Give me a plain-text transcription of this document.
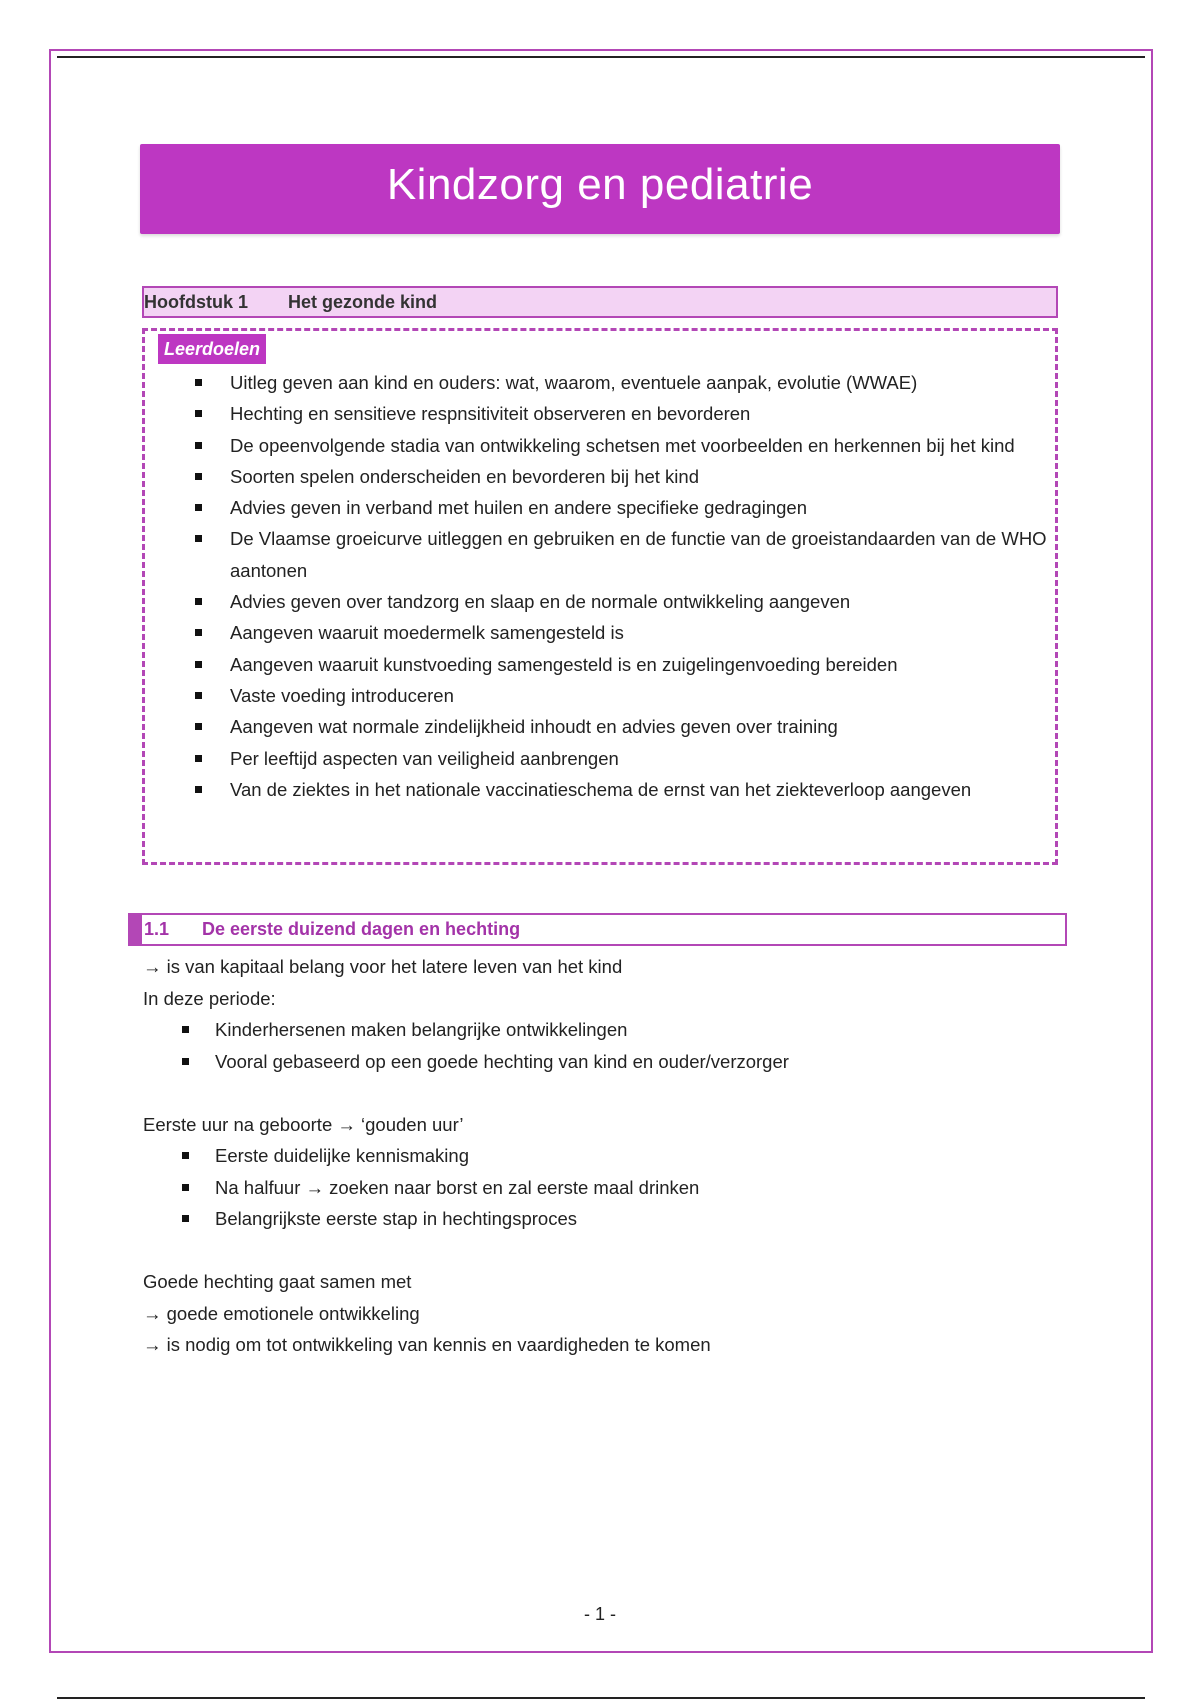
Kindzorg en pediatrie
Hoofdstuk 1	Het gezonde kind
Leerdoelen
Uitleg geven aan kind en ouders: wat, waarom, eventuele aanpak, evolutie (WWAE)
Hechting en sensitieve respnsitiviteit observeren en bevorderen
De opeenvolgende stadia van ontwikkeling schetsen met voorbeelden en herkennen bij het kind
Soorten spelen onderscheiden en bevorderen bij het kind
Advies geven in verband met huilen en andere specifieke gedragingen
De Vlaamse groeicurve uitleggen en gebruiken en de functie van de groeistandaarden van de WHO aantonen
Advies geven over tandzorg en slaap en de normale ontwikkeling aangeven
Aangeven waaruit moedermelk samengesteld is
Aangeven waaruit kunstvoeding samengesteld is en zuigelingenvoeding bereiden
Vaste voeding introduceren
Aangeven wat normale zindelijkheid inhoudt en advies geven over training
Per leeftijd aspecten van veiligheid aanbrengen
Van de ziektes in het nationale vaccinatieschema de ernst van het ziekteverloop aangeven
1.1	De eerste duizend dagen en hechting

→ is van kapitaal belang voor het latere leven van het kind

In deze periode:

Kinderhersenen maken belangrijke ontwikkelingen
Vooral gebaseerd op een goede hechting van kind en ouder/verzorger

Eerste uur na geboorte → ‘gouden uur’

Eerste duidelijke kennismaking
Na halfuur → zoeken naar borst en zal eerste maal drinken
Belangrijkste eerste stap in hechtingsproces

Goede hechting gaat samen met

→ goede emotionele ontwikkeling

→ is nodig om tot ontwikkeling van kennis en vaardigheden te komen

- 1 -
